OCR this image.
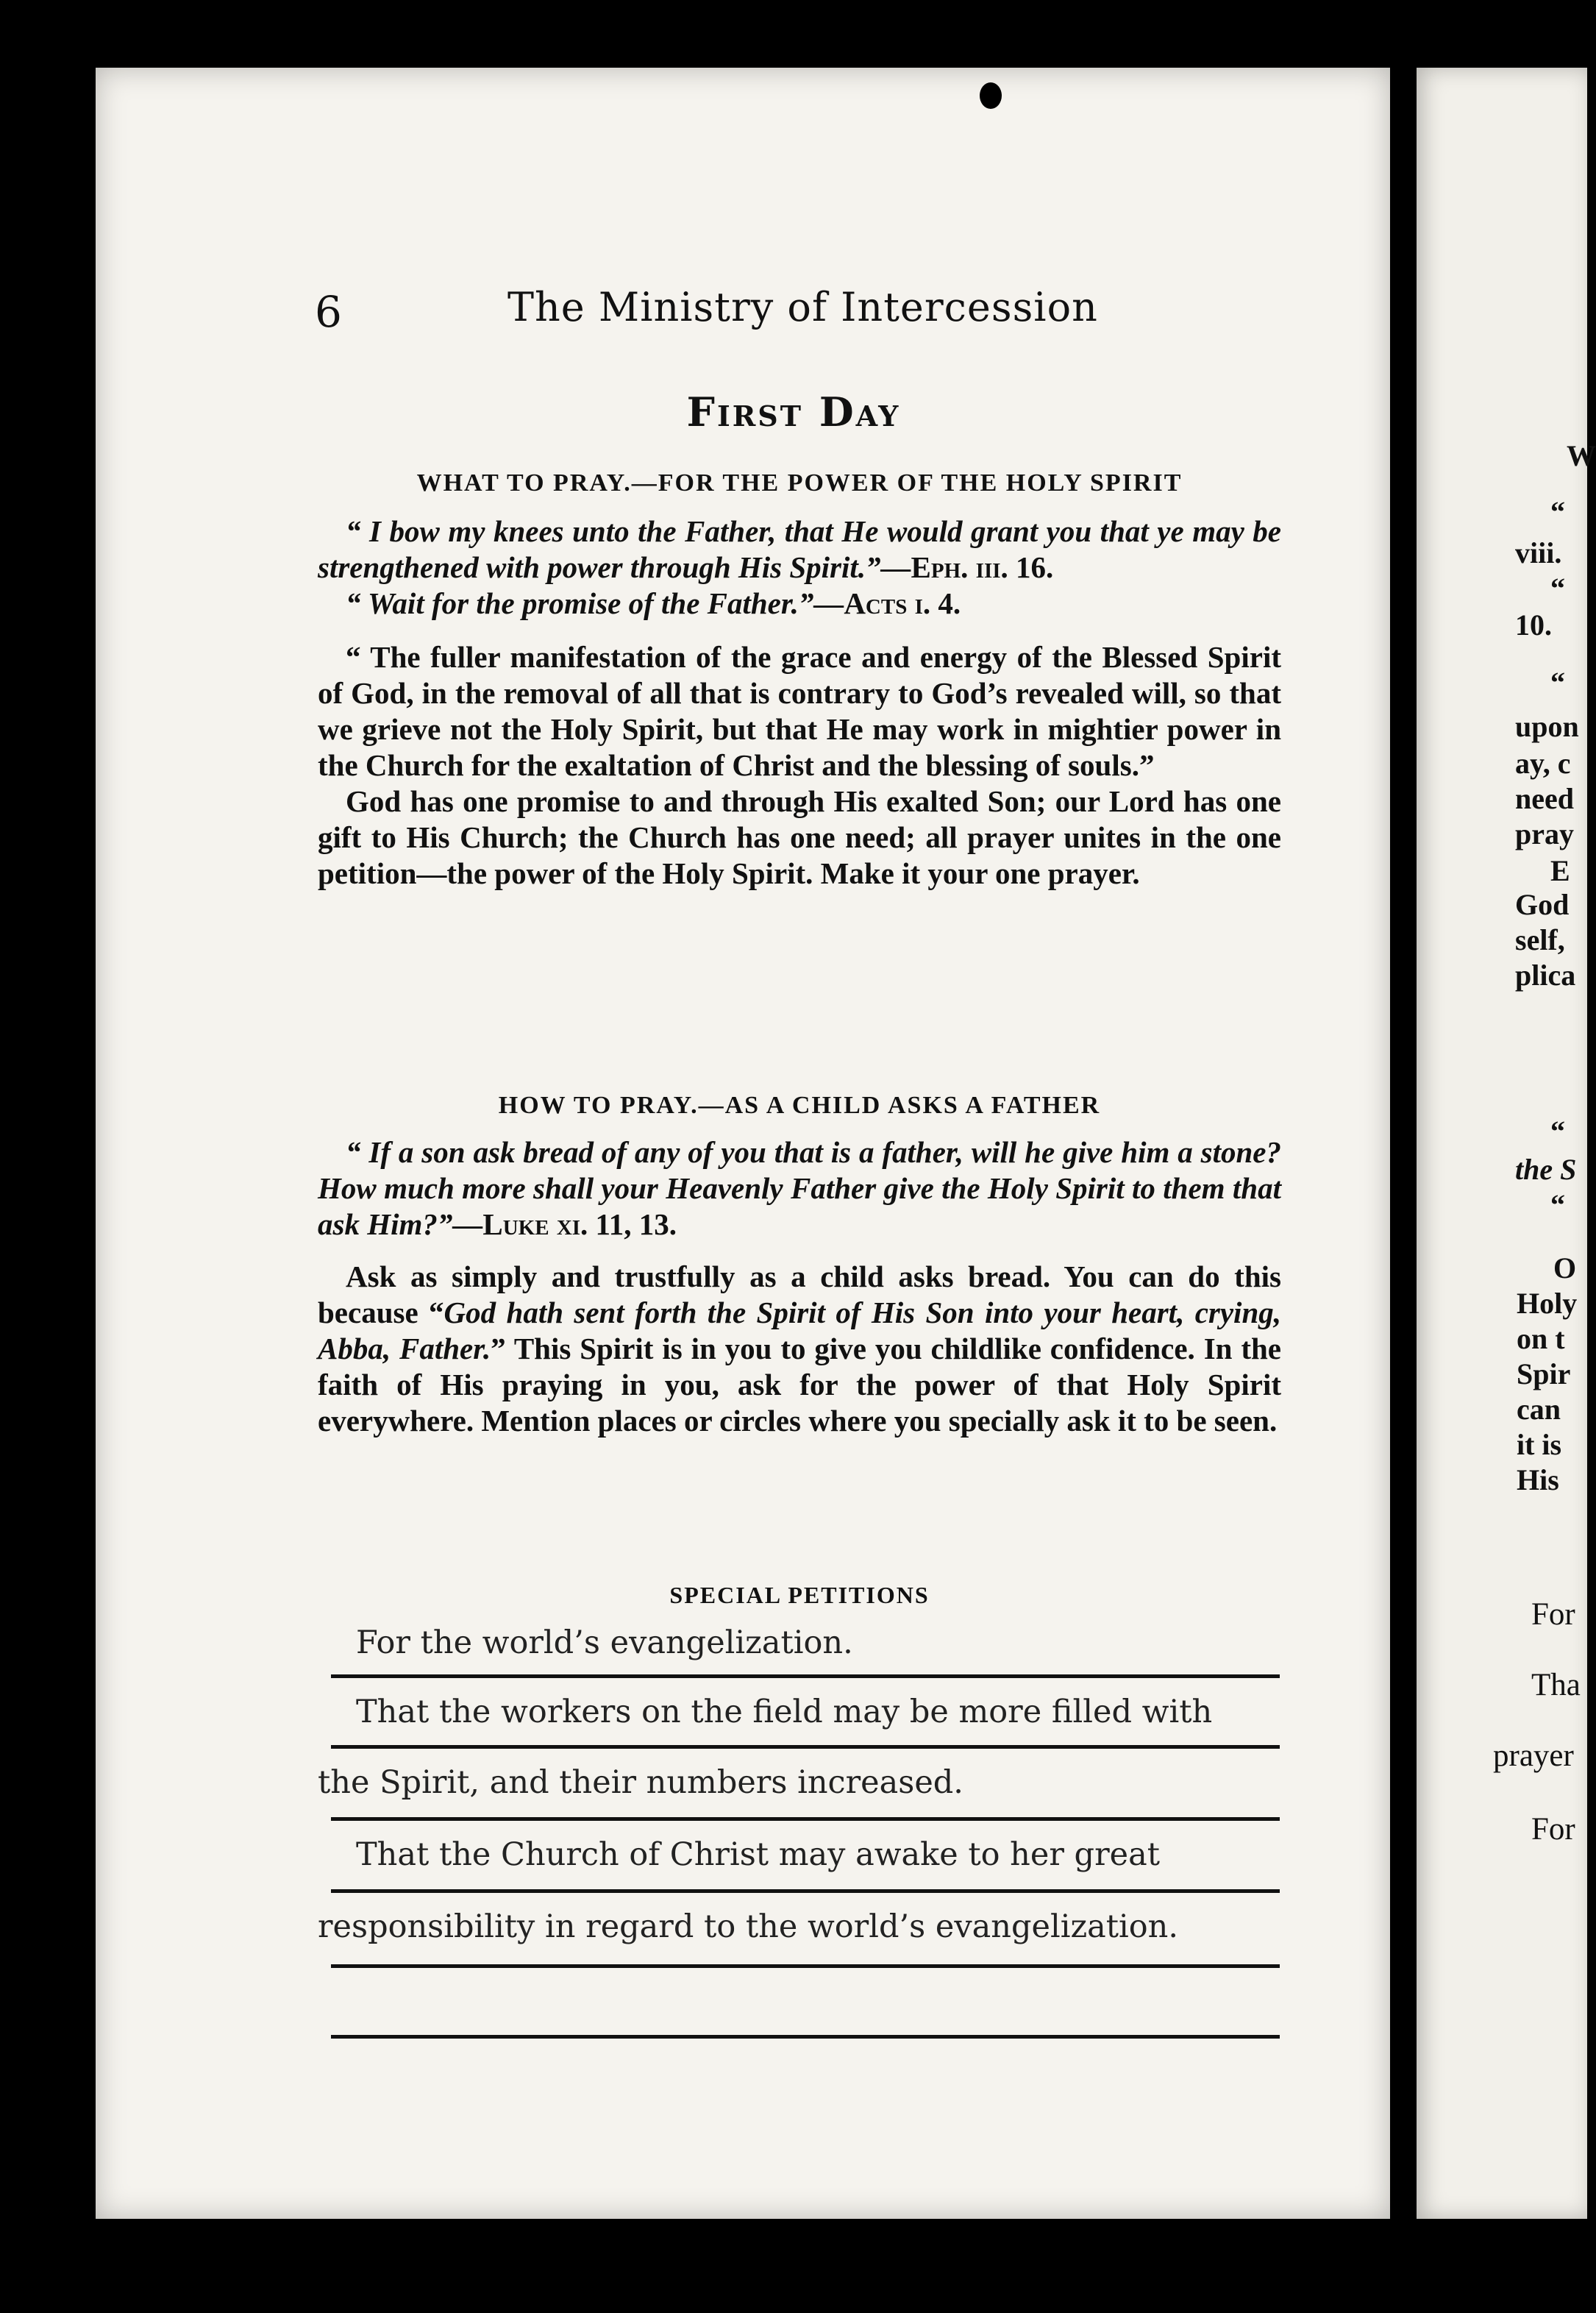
6	The Ministry of Intercession
First Day
WHAT TO PRAY.—FOR THE POWER OF THE HOLY SPIRIT

“ I bow my knees unto the Father, that He would grant you that ye may be strengthened with power through His Spirit.”—Eph. iii. 16.

“ Wait for the promise of the Father.”—Acts i. 4.

“ The fuller manifestation of the grace and energy of the Blessed Spirit of God, in the removal of all that is contrary to God’s revealed will, so that we grieve not the Holy Spirit, but that He may work in mightier power in the Church for the exaltation of Christ and the blessing of souls.”

God has one promise to and through His exalted Son; our Lord has one gift to His Church; the Church has one need; all prayer unites in the one petition—the power of the Holy Spirit. Make it your one prayer.

HOW TO PRAY.—AS A CHILD ASKS A FATHER

“ If a son ask bread of any of you that is a father, will he give him a stone? How much more shall your Heavenly Father give the Holy Spirit to them that ask Him?”—Luke xi. 11, 13.

Ask as simply and trustfully as a child asks bread. You can do this because “God hath sent forth the Spirit of His Son into your heart, crying, Abba, Father.” This Spirit is in you to give you childlike confidence. In the faith of His praying in you, ask for the power of that Holy Spirit everywhere. Mention places or circles where you specially ask it to be seen.

SPECIAL PETITIONS
For the world’s evangelization.
That the workers on the field may be more filled with
the Spirit, and their numbers increased.
That the Church of Christ may awake to her great
responsibility in regard to the world’s evangelization.
W
“
viii.
“
10.
“
upon
ay, c
need
pray
E
God
self,
plica
“
the S
“
O
Holy
on t
Spir
can
it is
His
For
Tha
prayer
For
